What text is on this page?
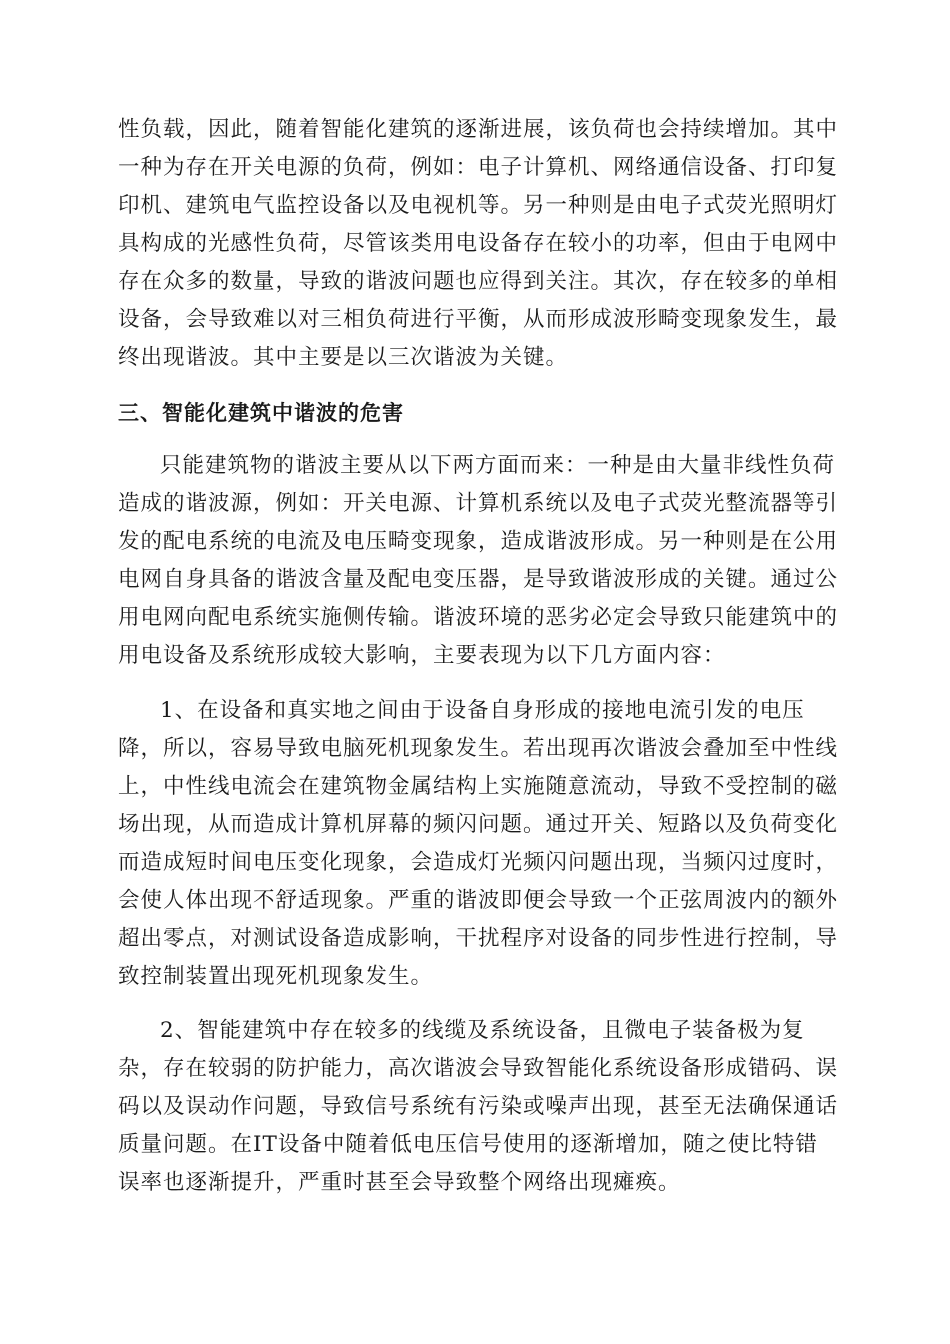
性负载，因此，随着智能化建筑的逐渐进展，该负荷也会持续增加。其中
一种为存在开关电源的负荷，例如：电子计算机、网络通信设备、打印复
印机、建筑电气监控设备以及电视机等。另一种则是由电子式荧光照明灯
具构成的光感性负荷，尽管该类用电设备存在较小的功率，但由于电网中
存在众多的数量，导致的谐波问题也应得到关注。其次，存在较多的单相
设备，会导致难以对三相负荷进行平衡，从而形成波形畸变现象发生，最
终出现谐波。其中主要是以三次谐波为关键。
三、智能化建筑中谐波的危害
只能建筑物的谐波主要从以下两方面而来：一种是由大量非线性负荷
造成的谐波源，例如：开关电源、计算机系统以及电子式荧光整流器等引
发的配电系统的电流及电压畸变现象，造成谐波形成。另一种则是在公用
电网自身具备的谐波含量及配电变压器，是导致谐波形成的关键。通过公
用电网向配电系统实施侧传输。谐波环境的恶劣必定会导致只能建筑中的
用电设备及系统形成较大影响，主要表现为以下几方面内容：
1、在设备和真实地之间由于设备自身形成的接地电流引发的电压
降，所以，容易导致电脑死机现象发生。若出现再次谐波会叠加至中性线
上，中性线电流会在建筑物金属结构上实施随意流动，导致不受控制的磁
场出现，从而造成计算机屏幕的频闪问题。通过开关、短路以及负荷变化
而造成短时间电压变化现象，会造成灯光频闪问题出现，当频闪过度时，
会使人体出现不舒适现象。严重的谐波即便会导致一个正弦周波内的额外
超出零点，对测试设备造成影响，干扰程序对设备的同步性进行控制，导
致控制装置出现死机现象发生。
2、智能建筑中存在较多的线缆及系统设备，且微电子装备极为复
杂，存在较弱的防护能力，高次谐波会导致智能化系统设备形成错码、误
码以及误动作问题，导致信号系统有污染或噪声出现，甚至无法确保通话
质量问题。在IT设备中随着低电压信号使用的逐渐增加，随之使比特错
误率也逐渐提升，严重时甚至会导致整个网络出现瘫痪。
